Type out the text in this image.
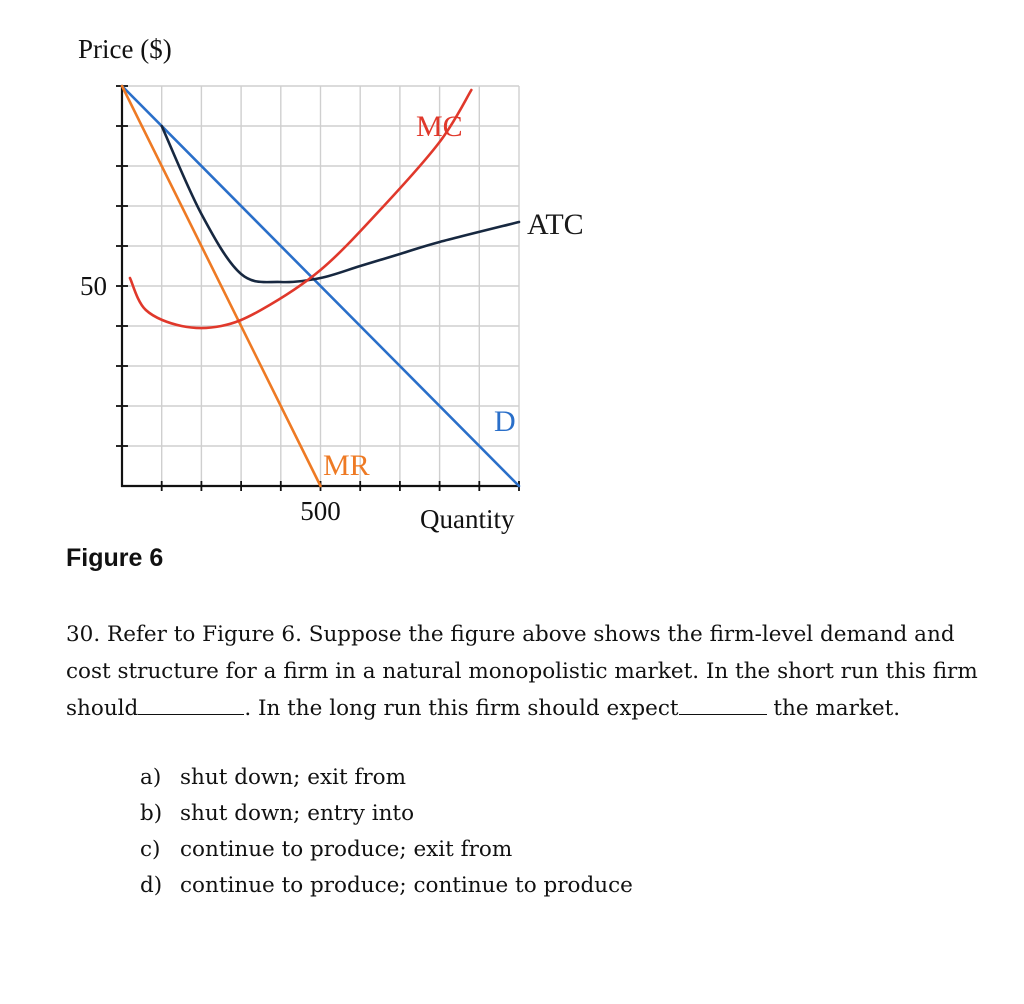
Price ($)
Quantity
50
500
MC
ATC
D
MR
Figure 6
30. Refer to Figure 6. Suppose the figure above shows the firm-level demand and
cost structure for a firm in a natural monopolistic market. In the short run this firm
should	. In the long run this firm should expect	the market.
a) shut down; exit from
b) shut down; entry into
c) continue to produce; exit from
d) continue to produce; continue to produce
